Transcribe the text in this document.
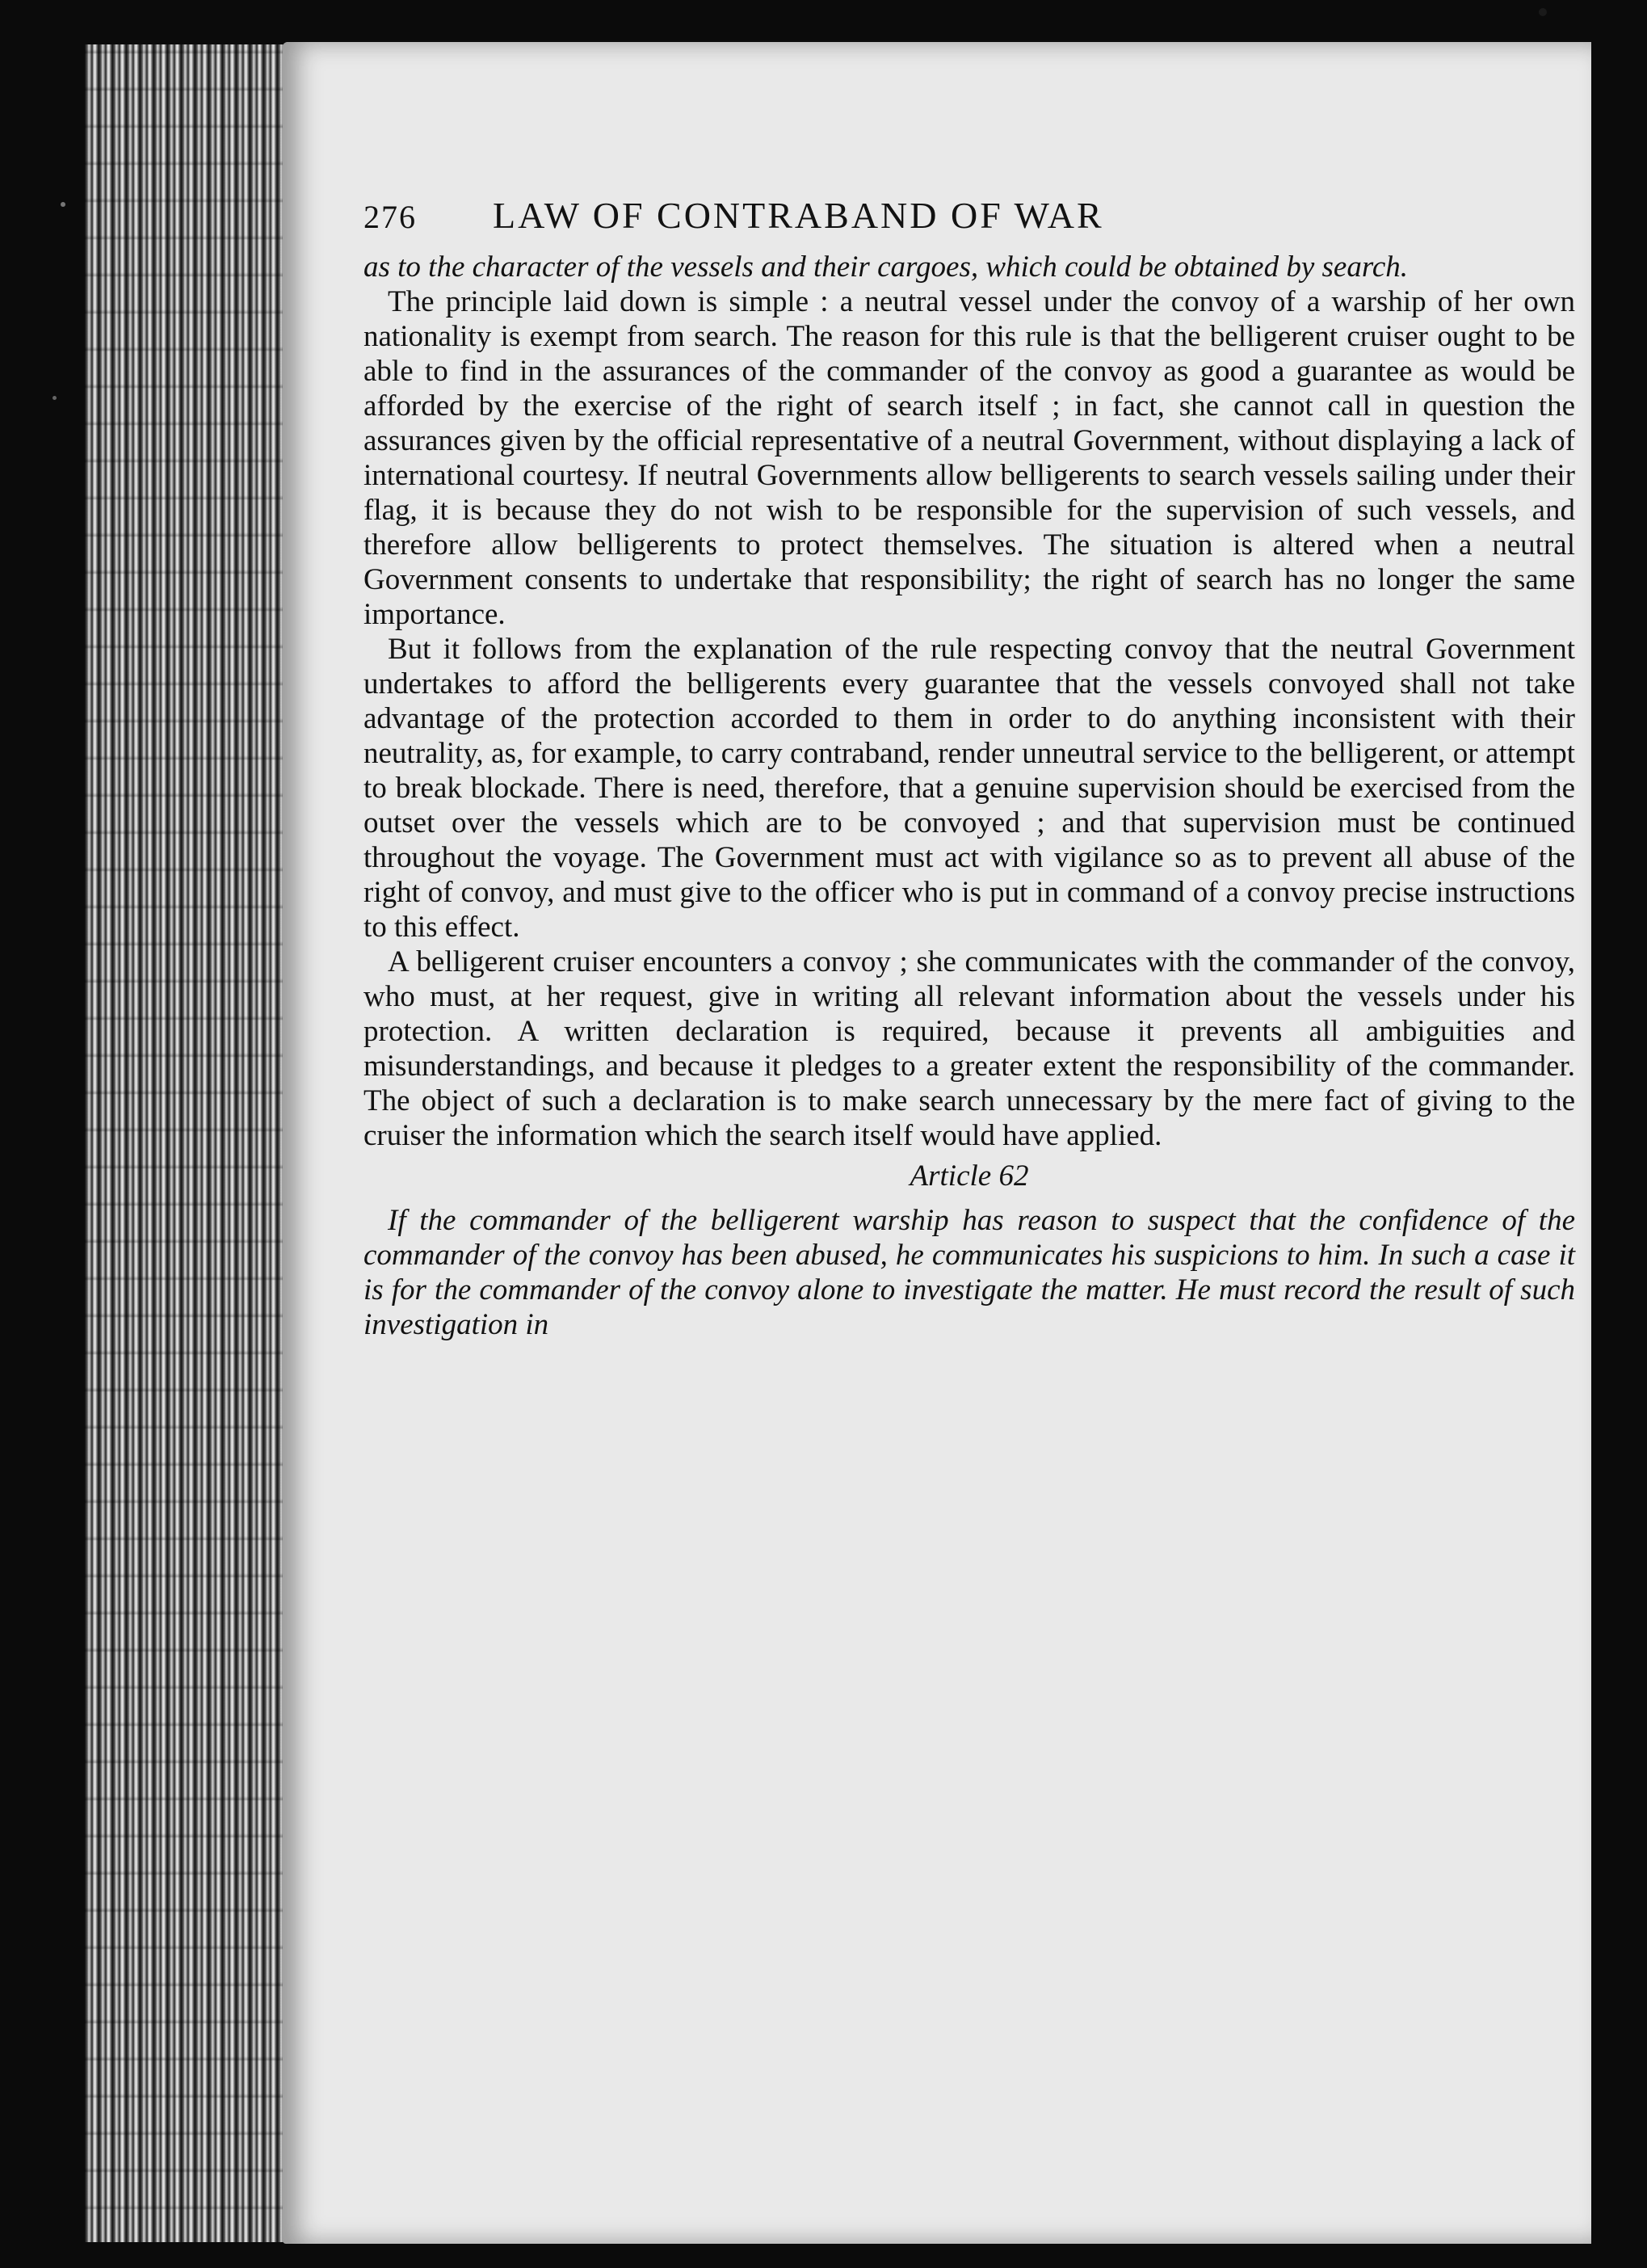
276	LAW OF CONTRABAND OF WAR

as to the character of the vessels and their cargoes, which could be obtained by search.

The principle laid down is simple : a neutral vessel under the convoy of a warship of her own nationality is exempt from search. The reason for this rule is that the belligerent cruiser ought to be able to find in the assurances of the commander of the convoy as good a guarantee as would be afforded by the exercise of the right of search itself ; in fact, she cannot call in question the assurances given by the official representative of a neutral Government, without displaying a lack of international courtesy. If neutral Governments allow belligerents to search vessels sailing under their flag, it is because they do not wish to be responsible for the supervision of such vessels, and therefore allow belligerents to protect themselves. The situation is altered when a neutral Government consents to undertake that responsibility; the right of search has no longer the same importance.

But it follows from the explanation of the rule respecting convoy that the neutral Government undertakes to afford the belligerents every guarantee that the vessels convoyed shall not take advantage of the protection accorded to them in order to do anything inconsistent with their neutrality, as, for example, to carry contraband, render unneutral service to the belligerent, or attempt to break blockade. There is need, therefore, that a genuine supervision should be exercised from the outset over the vessels which are to be convoyed ; and that supervision must be continued throughout the voyage. The Government must act with vigilance so as to prevent all abuse of the right of convoy, and must give to the officer who is put in command of a convoy precise instructions to this effect.

A belligerent cruiser encounters a convoy ; she communicates with the commander of the convoy, who must, at her request, give in writing all relevant information about the vessels under his protection. A written declaration is required, because it prevents all ambiguities and misunderstandings, and because it pledges to a greater extent the responsibility of the commander. The object of such a declaration is to make search unnecessary by the mere fact of giving to the cruiser the information which the search itself would have applied.

Article 62

If the commander of the belligerent warship has reason to suspect that the confidence of the commander of the convoy has been abused, he communicates his suspicions to him. In such a case it is for the commander of the convoy alone to investigate the matter. He must record the result of such investigation in
